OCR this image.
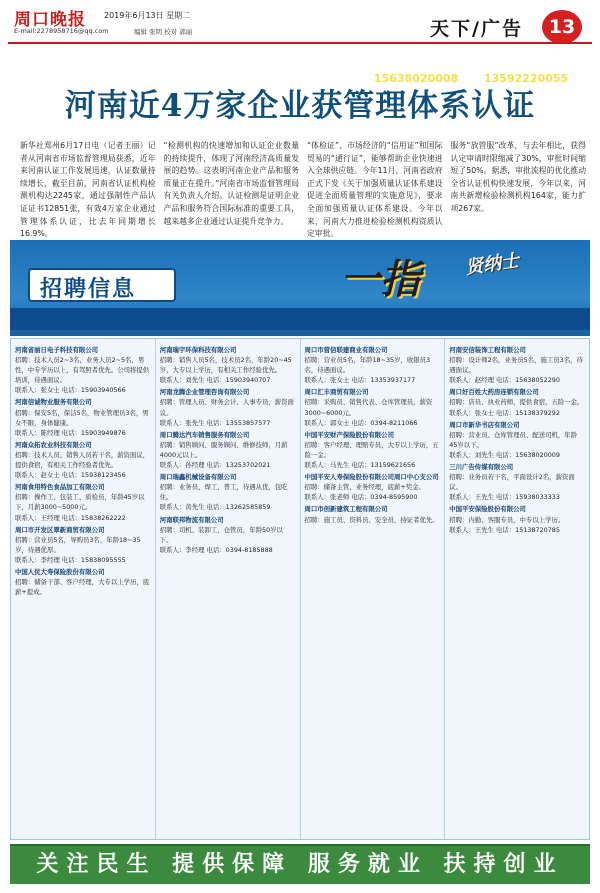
周口晚报 2019年6月13日 星期二
E-mail:2278958716@qq.com	编辑 张明 校对 郭丽	天下/广告	13
河南近4万家企业获管理体系认证
新华社郑州6月17日电（记者王丽）记者从河南省市场监督管理局获悉，近年来河南认证工作发展迅速，认证数量持续增长，截至目前，河南省认证机构检测机构达2245家，通过强制性产品认证证书12851张，有效4万家企业通过管理体系认证，比去年同期增长16.9%。
“检测机构的快速增加和认证企业数量的持续提升，体现了河南经济高质量发展的趋势。这表明河南企业产品和服务质量正在提升。”河南省市场监督管理局有关负责人介绍。认证检测是证明企业产品和服务符合国际标准的重要工具，越来越多企业通过认证提升竞争力。
“体检证”、市场经济的“信用证”和国际贸易的“通行证”，能够帮助企业快速进入全球供应链。今年11月，河南省政府正式下发《关于加强质量认证体系建设促进全面质量管理的实施意见》，要求全面加强质量认证体系建设。今年以来，河南大力推进检验检测机构资质认定审批。
服务“放管服”改革，与去年相比，获得认定审请时限缩减了30%，审批时间缩短了50%。据悉，审批流程的优化推动全省认证机构快速发展，今年以来，河南共新增检验检测机构164家，能力扩项267家。
招聘信息	一指 贤纳士
2019年周口报业传媒集团春季大型招聘会 报名热线：	15638020008 13592220055
河南省丽日电子科技有限公司
招聘：技术人员2~3名，业务人员2~5名，男性，中专学历以上，有驾照者优先。公司将提供培训，待遇面议。
联系人：张女士 电话：15903940566
河南信诚物业服务有限公司
招聘：保安5名，保洁5名，物业管理员3名，男女不限，身体健康。
联系人：陈经理 电话：15903949876
河南众拓农业科技有限公司
招聘：技术人员、销售人员若干名，薪资面议，提供食宿，有相关工作经验者优先。
联系人：赵女士 电话：15938123456
河南食用特色食品加工有限公司
招聘：操作工、包装工、质检员，年龄45岁以下，月薪3000~5000元。
联系人：王经理 电话：15838262222
周口市开发区翠新商贸有限公司
招聘：营业员5名，导购员3名，年龄18~35岁，待遇优厚。
联系人：李经理 电话：15838095555
中国人民大寿保险股份有限公司
招聘：储备干部、客户经理，大专以上学历，底薪+提成。
河南瑞宇环保科技有限公司
招聘：销售人员5名，技术员2名，年龄20~45岁，大专以上学历，有相关工作经验优先。
联系人：刘先生 电话：15903940707
河南龙腾企业管理咨询有限公司
招聘：管理人员、财务会计、人事专员，薪资面议。
联系人：张先生 电话：13553857577
周口腾达汽车销售服务有限公司
招聘：销售顾问、服务顾问、维修技师，月薪4000元以上。
联系人：孙经理 电话：13253702021
周口瑞鑫机械设备有限公司
招聘：业务员、焊工、普工，待遇从优，包吃住。
联系人：黄先生 电话：13262585859
河南联邦物流有限公司
招聘：司机、装卸工、仓管员，年龄50岁以下。
联系人：李经理 电话：0394-8185888
周口市营信联建商业有限公司
招聘：营业员5名，年龄18~35岁，收银员3名，待遇面议。
联系人：张女士 电话：13353937177
周口汇丰商贸有限公司
招聘：采购员、销售代表、仓库管理员，薪资3000~6000元。
联系人：郭女士 电话：0394-8211066
中国平安财产保险股份有限公司
招聘：客户经理、理赔专员，大专以上学历，五险一金。
联系人：马先生 电话：13159621656
中国平安人寿保险股份有限公司周口中心支公司
招聘：储备主管、业务经理，底薪+奖金。
联系人：张老师 电话：0394-8595900
周口市创新建筑工程有限公司
招聘：施工员、资料员、安全员，持证者优先。
河南安信装饰工程有限公司
招聘：设计师2名，业务员5名，施工员3名，待遇面议。
联系人：赵经理 电话：15638052290
周口好百姓大药房连锁有限公司
招聘：店员、执业药师，提供食宿，五险一金。
联系人：张女士 电话：15138379292
周口市新华书店有限公司
招聘：营业员、仓库管理员、配送司机，年龄45岁以下。
联系人：刘先生 电话：15638020009
三川广告传媒有限公司
招聘：业务员若干名，平面设计2名，薪资面议。
联系人：王先生 电话：15938033333
中国平安保险股份有限公司
招聘：内勤、客服专员，中专以上学历。
联系人：王先生 电话：15138720785
关注民生 提供保障 服务就业 扶持创业
